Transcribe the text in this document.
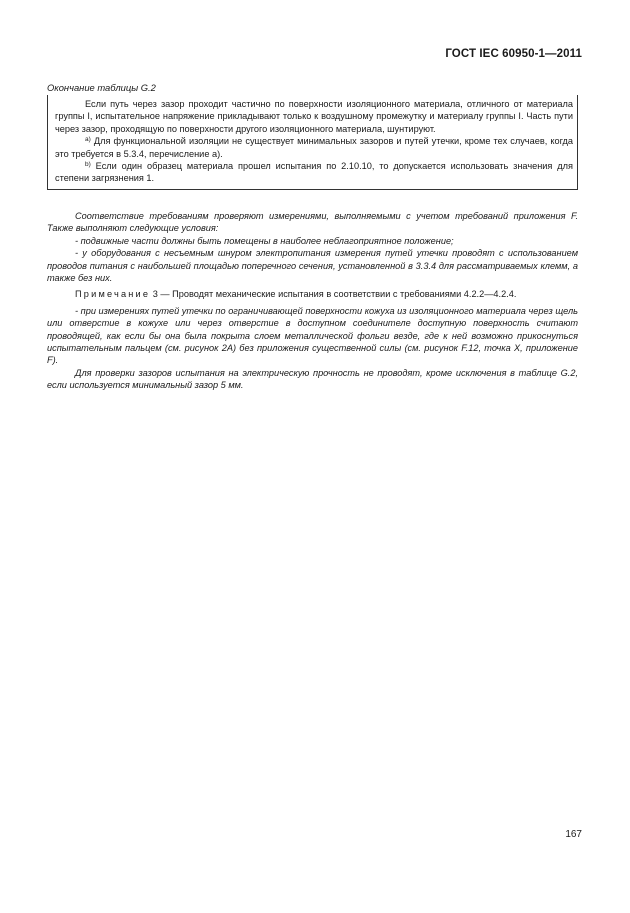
ГОСТ IEC 60950-1—2011
Окончание таблицы G.2

Если путь через зазор проходит частично по поверхности изоляционного материала, отличного от материала группы I, испытательное напряжение прикладывают только к воздушному промежутку и материалу группы I. Часть пути через зазор, проходящую по поверхности другого изоляционного материала, шунтируют.

$^{a)}$ Для функциональной изоляции не существует минимальных зазоров и путей утечки, кроме тех случаев, когда это требуется в 5.3.4, перечисление a).

$^{b)}$ Если один образец материала прошел испытания по 2.10.10, то допускается использовать значения для степени загрязнения 1.

Соответствие требованиям проверяют измерениями, выполняемыми с учетом требований приложения F. Также выполняют следующие условия:

- подвижные части должны быть помещены в наиболее неблагоприятное положение;

- у оборудования с несъемным шнуром электропитания измерения путей утечки проводят с использованием проводов питания с наибольшей площадью поперечного сечения, установленной в 3.3.4 для рассматриваемых клемм, а также без них.

Примечание 3 — Проводят механические испытания в соответствии с требованиями 4.2.2—4.2.4.

- при измерениях путей утечки по ограничивающей поверхности кожуха из изоляционного материала через щель или отверстие в кожухе или через отверстие в доступном соединителе доступную поверхность считают проводящей, как если бы она была покрыта слоем металлической фольги везде, где к ней возможно прикоснуться испытательным пальцем (см. рисунок 2А) без приложения существенной силы (см. рисунок F.12, точка X, приложение F).

Для проверки зазоров испытания на электрическую прочность не проводят, кроме исключения в таблице G.2, если используется минимальный зазор 5 мм.

167
